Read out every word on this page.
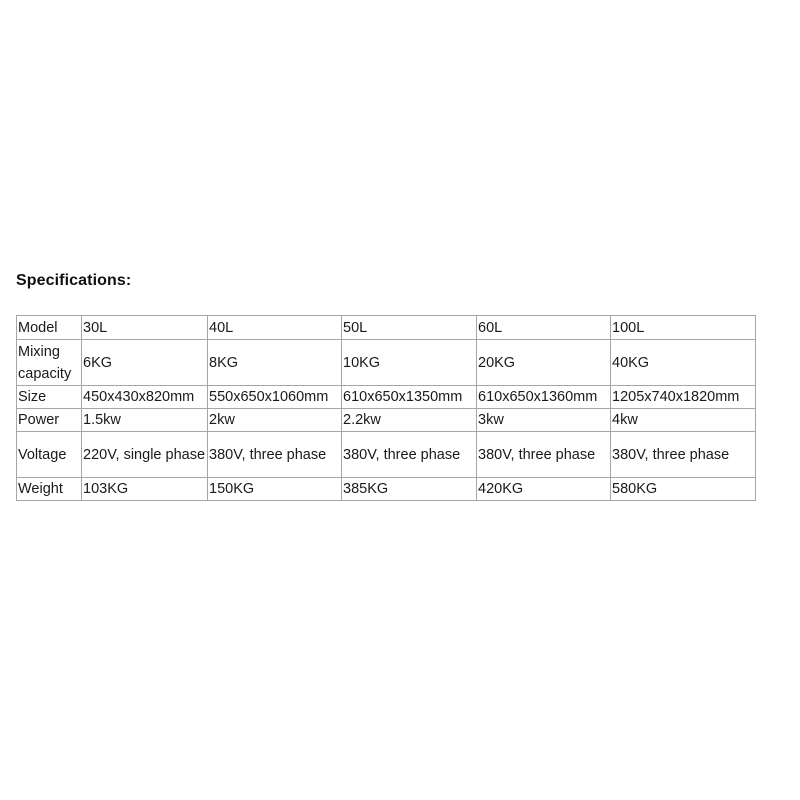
Specifications:
Model	30L	40L	50L	60L	100L
Mixing capacity	6KG	8KG	10KG	20KG	40KG
Size	450x430x820mm	550x650x1060mm	610x650x1350mm	610x650x1360mm	1205x740x1820mm
Power	1.5kw	2kw	2.2kw	3kw	4kw
Voltage	220V, single phase	380V, three phase	380V, three phase	380V, three phase	380V, three phase
Weight	103KG	150KG	385KG	420KG	580KG
